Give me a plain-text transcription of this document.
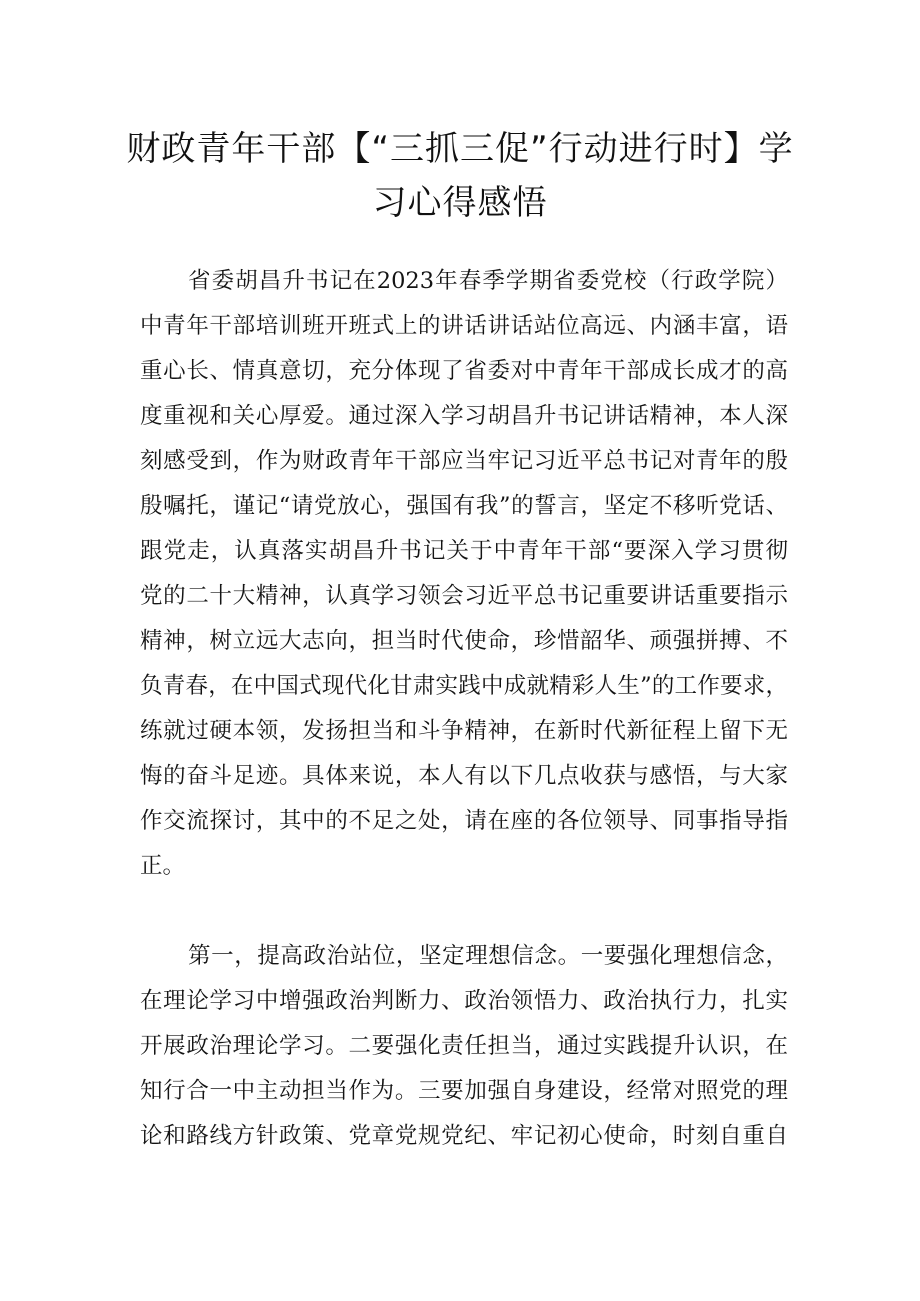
财政青年干部【“三抓三促”行动进行时】学
习心得感悟
省委胡昌升书记在2023年春季学期省委党校（行政学院）
中青年干部培训班开班式上的讲话讲话站位高远、内涵丰富，语
重心长、情真意切，充分体现了省委对中青年干部成长成才的高
度重视和关心厚爱。通过深入学习胡昌升书记讲话精神，本人深
刻感受到，作为财政青年干部应当牢记习近平总书记对青年的殷
殷嘱托，谨记“请党放心，强国有我”的誓言，坚定不移听党话、
跟党走，认真落实胡昌升书记关于中青年干部“要深入学习贯彻
党的二十大精神，认真学习领会习近平总书记重要讲话重要指示
精神，树立远大志向，担当时代使命，珍惜韶华、顽强拼搏、不
负青春，在中国式现代化甘肃实践中成就精彩人生”的工作要求，
练就过硬本领，发扬担当和斗争精神，在新时代新征程上留下无
悔的奋斗足迹。具体来说，本人有以下几点收获与感悟，与大家
作交流探讨，其中的不足之处，请在座的各位领导、同事指导指
正。
第一，提高政治站位，坚定理想信念。一要强化理想信念，
在理论学习中增强政治判断力、政治领悟力、政治执行力，扎实
开展政治理论学习。二要强化责任担当，通过实践提升认识，在
知行合一中主动担当作为。三要加强自身建设，经常对照党的理
论和路线方针政策、党章党规党纪、牢记初心使命，时刻自重自
